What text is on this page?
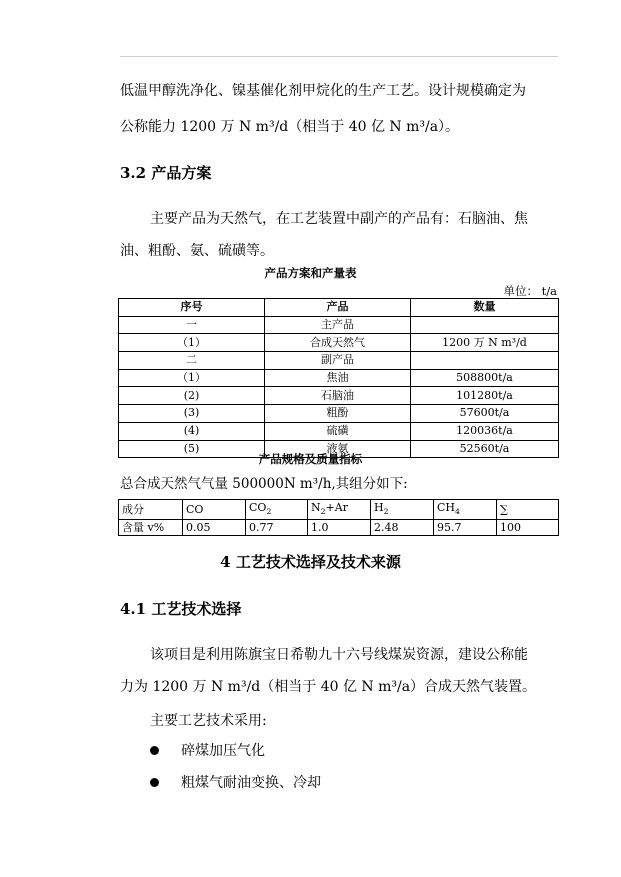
低温甲醇洗净化、镍基催化剂甲烷化的生产工艺。设计规模确定为
公称能力 1200 万 N m³/d（相当于 40 亿 N m³/a）。
3.2 产品方案
主要产品为天然气，在工艺装置中副产的产品有：石脑油、焦
油、粗酚、氨、硫磺等。
产品方案和产量表
单位： t/a
序号	产品	数量
一	主产品	
（1）	合成天然气	1200 万 N m³/d
二	副产品	
（1）	焦油	508800t/a
(2)	石脑油	101280t/a
(3)	粗酚	57600t/a
(4)	硫磺	120036t/a
(5)	液氨	52560t/a
产品规格及质量指标
总合成天然气气量 500000N m³/h,其组分如下:
成分	CO	$CO_2$	$N_2+Ar$	$H_2$	$CH_4$	∑
含量 v%	0.05	0.77	1.0	2.48	95.7	100
4 工艺技术选择及技术来源
4.1 工艺技术选择
该项目是利用陈旗宝日希勒九十六号线煤炭资源，建设公称能
力为 1200 万 N m³/d（相当于 40 亿 N m³/a）合成天然气装置。
主要工艺技术采用:
碎煤加压气化
粗煤气耐油变换、冷却
